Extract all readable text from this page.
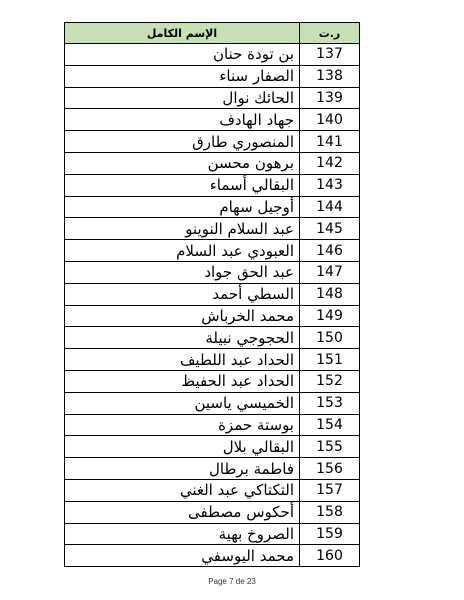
الإسم الكامل	ر.ت
بن تودة حنان	137
الصفار سناء	138
الحائك نوال	139
جهاد الهادف	140
المنصوري طارق	141
برهون محسن	142
البقالي أسماء	143
أوجيل سهام	144
عبد السلام النوينو	145
العبودي عبد السلام	146
عبد الحق جواد	147
السطي أحمد	148
محمد الخرباش	149
الحجوجي نبيلة	150
الحداد عبد اللطيف	151
الحداد عبد الحفيظ	152
الخميسي ياسين	153
بوستة حمزة	154
البقالي بلال	155
فاطمة برطال	156
التكتاكي عبد الغني	157
أحكوس مصطفى	158
الصروخ بهية	159
محمد اليوسفي	160
Page 7 de 23
